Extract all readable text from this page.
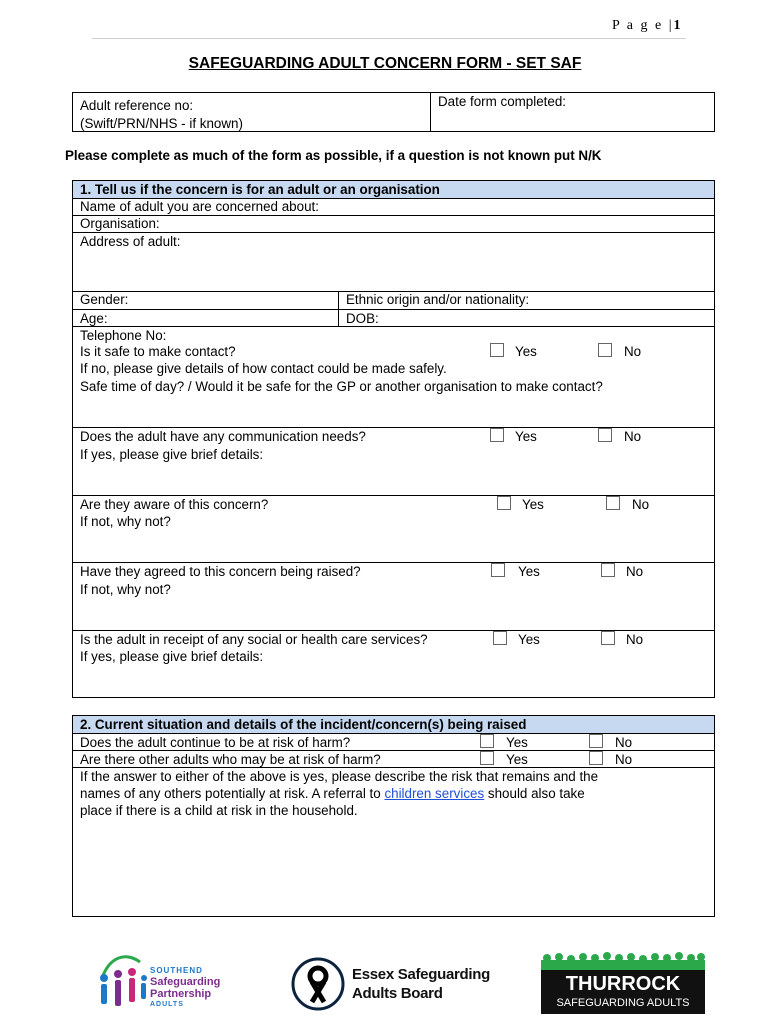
P a g e |1
SAFEGUARDING ADULT CONCERN FORM - SET SAF
Adult reference no:
(Swift/PRN/NHS - if known)
Date form completed:
Please complete as much of the form as possible, if a question is not known put N/K
1. Tell us if the concern is for an adult or an organisation
Name of adult you are concerned about:
Organisation:
Address of adult:
Gender:	Ethnic origin and/or nationality:
Age:	DOB:
Telephone No:
Is it safe to make contact?	Yes	No
If no, please give details of how contact could be made safely.
Safe time of day? / Would it be safe for the GP or another organisation to make contact?
Does the adult have any communication needs?	Yes	No
If yes, please give brief details:
Are they aware of this concern?	Yes	No
If not, why not?
Have they agreed to this concern being raised?	Yes	No
If not, why not?
Is the adult in receipt of any social or health care services?	Yes	No
If yes, please give brief details:
2. Current situation and details of the incident/concern(s) being raised
Does the adult continue to be at risk of harm?	Yes	No
Are there other adults who may be at risk of harm?	Yes	No
If the answer to either of the above is yes, please describe the risk that remains and the
names of any others potentially at risk. A referral to children services should also take
place if there is a child at risk in the household.
SOUTHEND
Safeguarding
Partnership
ADULTS
Essex Safeguarding
Adults Board	THURROCK
SAFEGUARDING ADULTS
